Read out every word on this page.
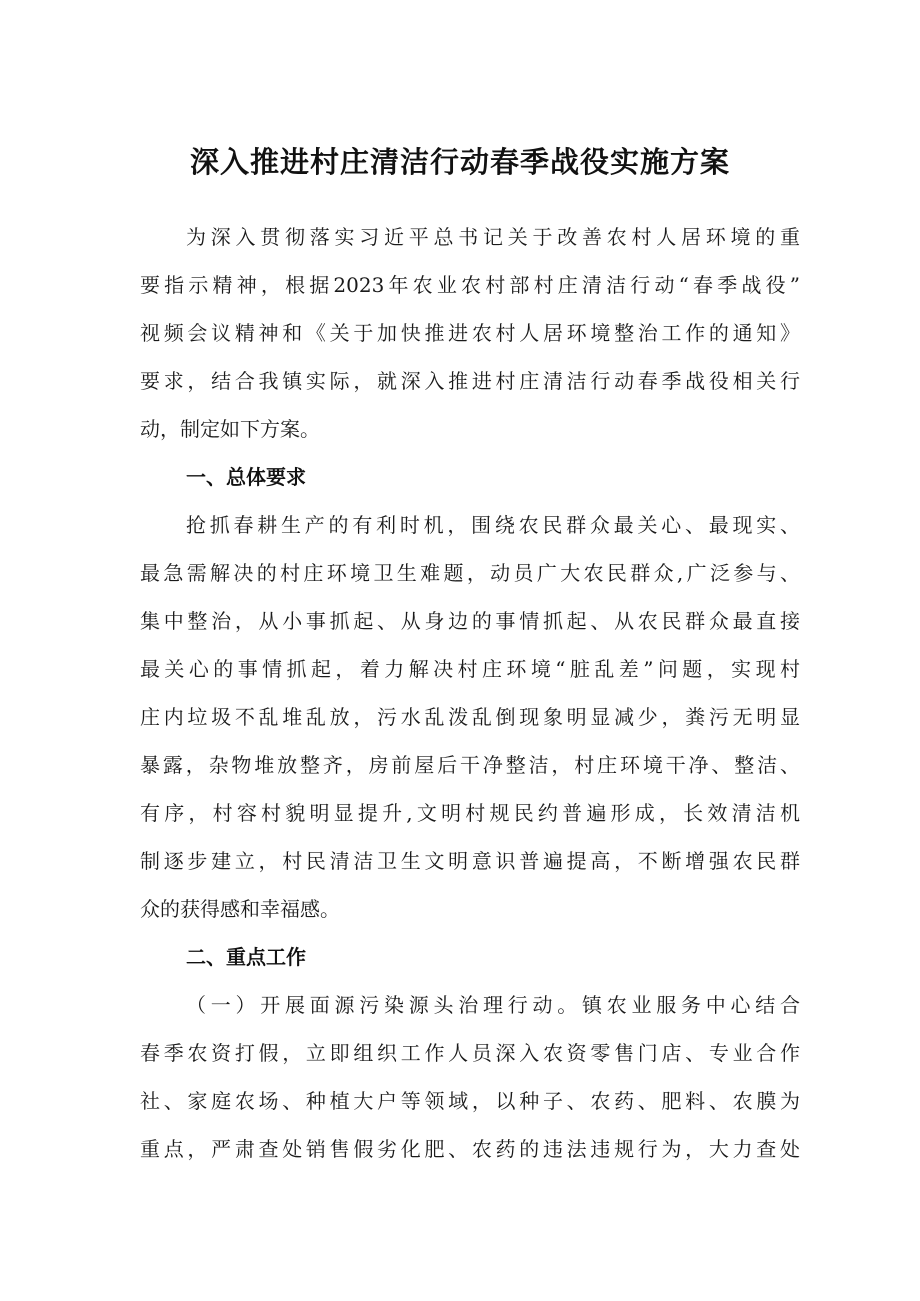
深入推进村庄清洁行动春季战役实施方案
为深入贯彻落实习近平总书记关于改善农村人居环境的重
要指示精神，根据2023年农业农村部村庄清洁行动“春季战役”
视频会议精神和《关于加快推进农村人居环境整治工作的通知》
要求，结合我镇实际，就深入推进村庄清洁行动春季战役相关行
动，制定如下方案。
一、总体要求
抢抓春耕生产的有利时机，围绕农民群众最关心、最现实、
最急需解决的村庄环境卫生难题，动员广大农民群众,广泛参与、
集中整治，从小事抓起、从身边的事情抓起、从农民群众最直接
最关心的事情抓起，着力解决村庄环境“脏乱差”问题，实现村
庄内垃圾不乱堆乱放，污水乱泼乱倒现象明显减少，粪污无明显
暴露，杂物堆放整齐，房前屋后干净整洁，村庄环境干净、整洁、
有序，村容村貌明显提升,文明村规民约普遍形成，长效清洁机
制逐步建立，村民清洁卫生文明意识普遍提高，不断增强农民群
众的获得感和幸福感。
二、重点工作
（一）开展面源污染源头治理行动。镇农业服务中心结合
春季农资打假，立即组织工作人员深入农资零售门店、专业合作
社、家庭农场、种植大户等领域，以种子、农药、肥料、农膜为
重点，严肃查处销售假劣化肥、农药的违法违规行为，大力查处
